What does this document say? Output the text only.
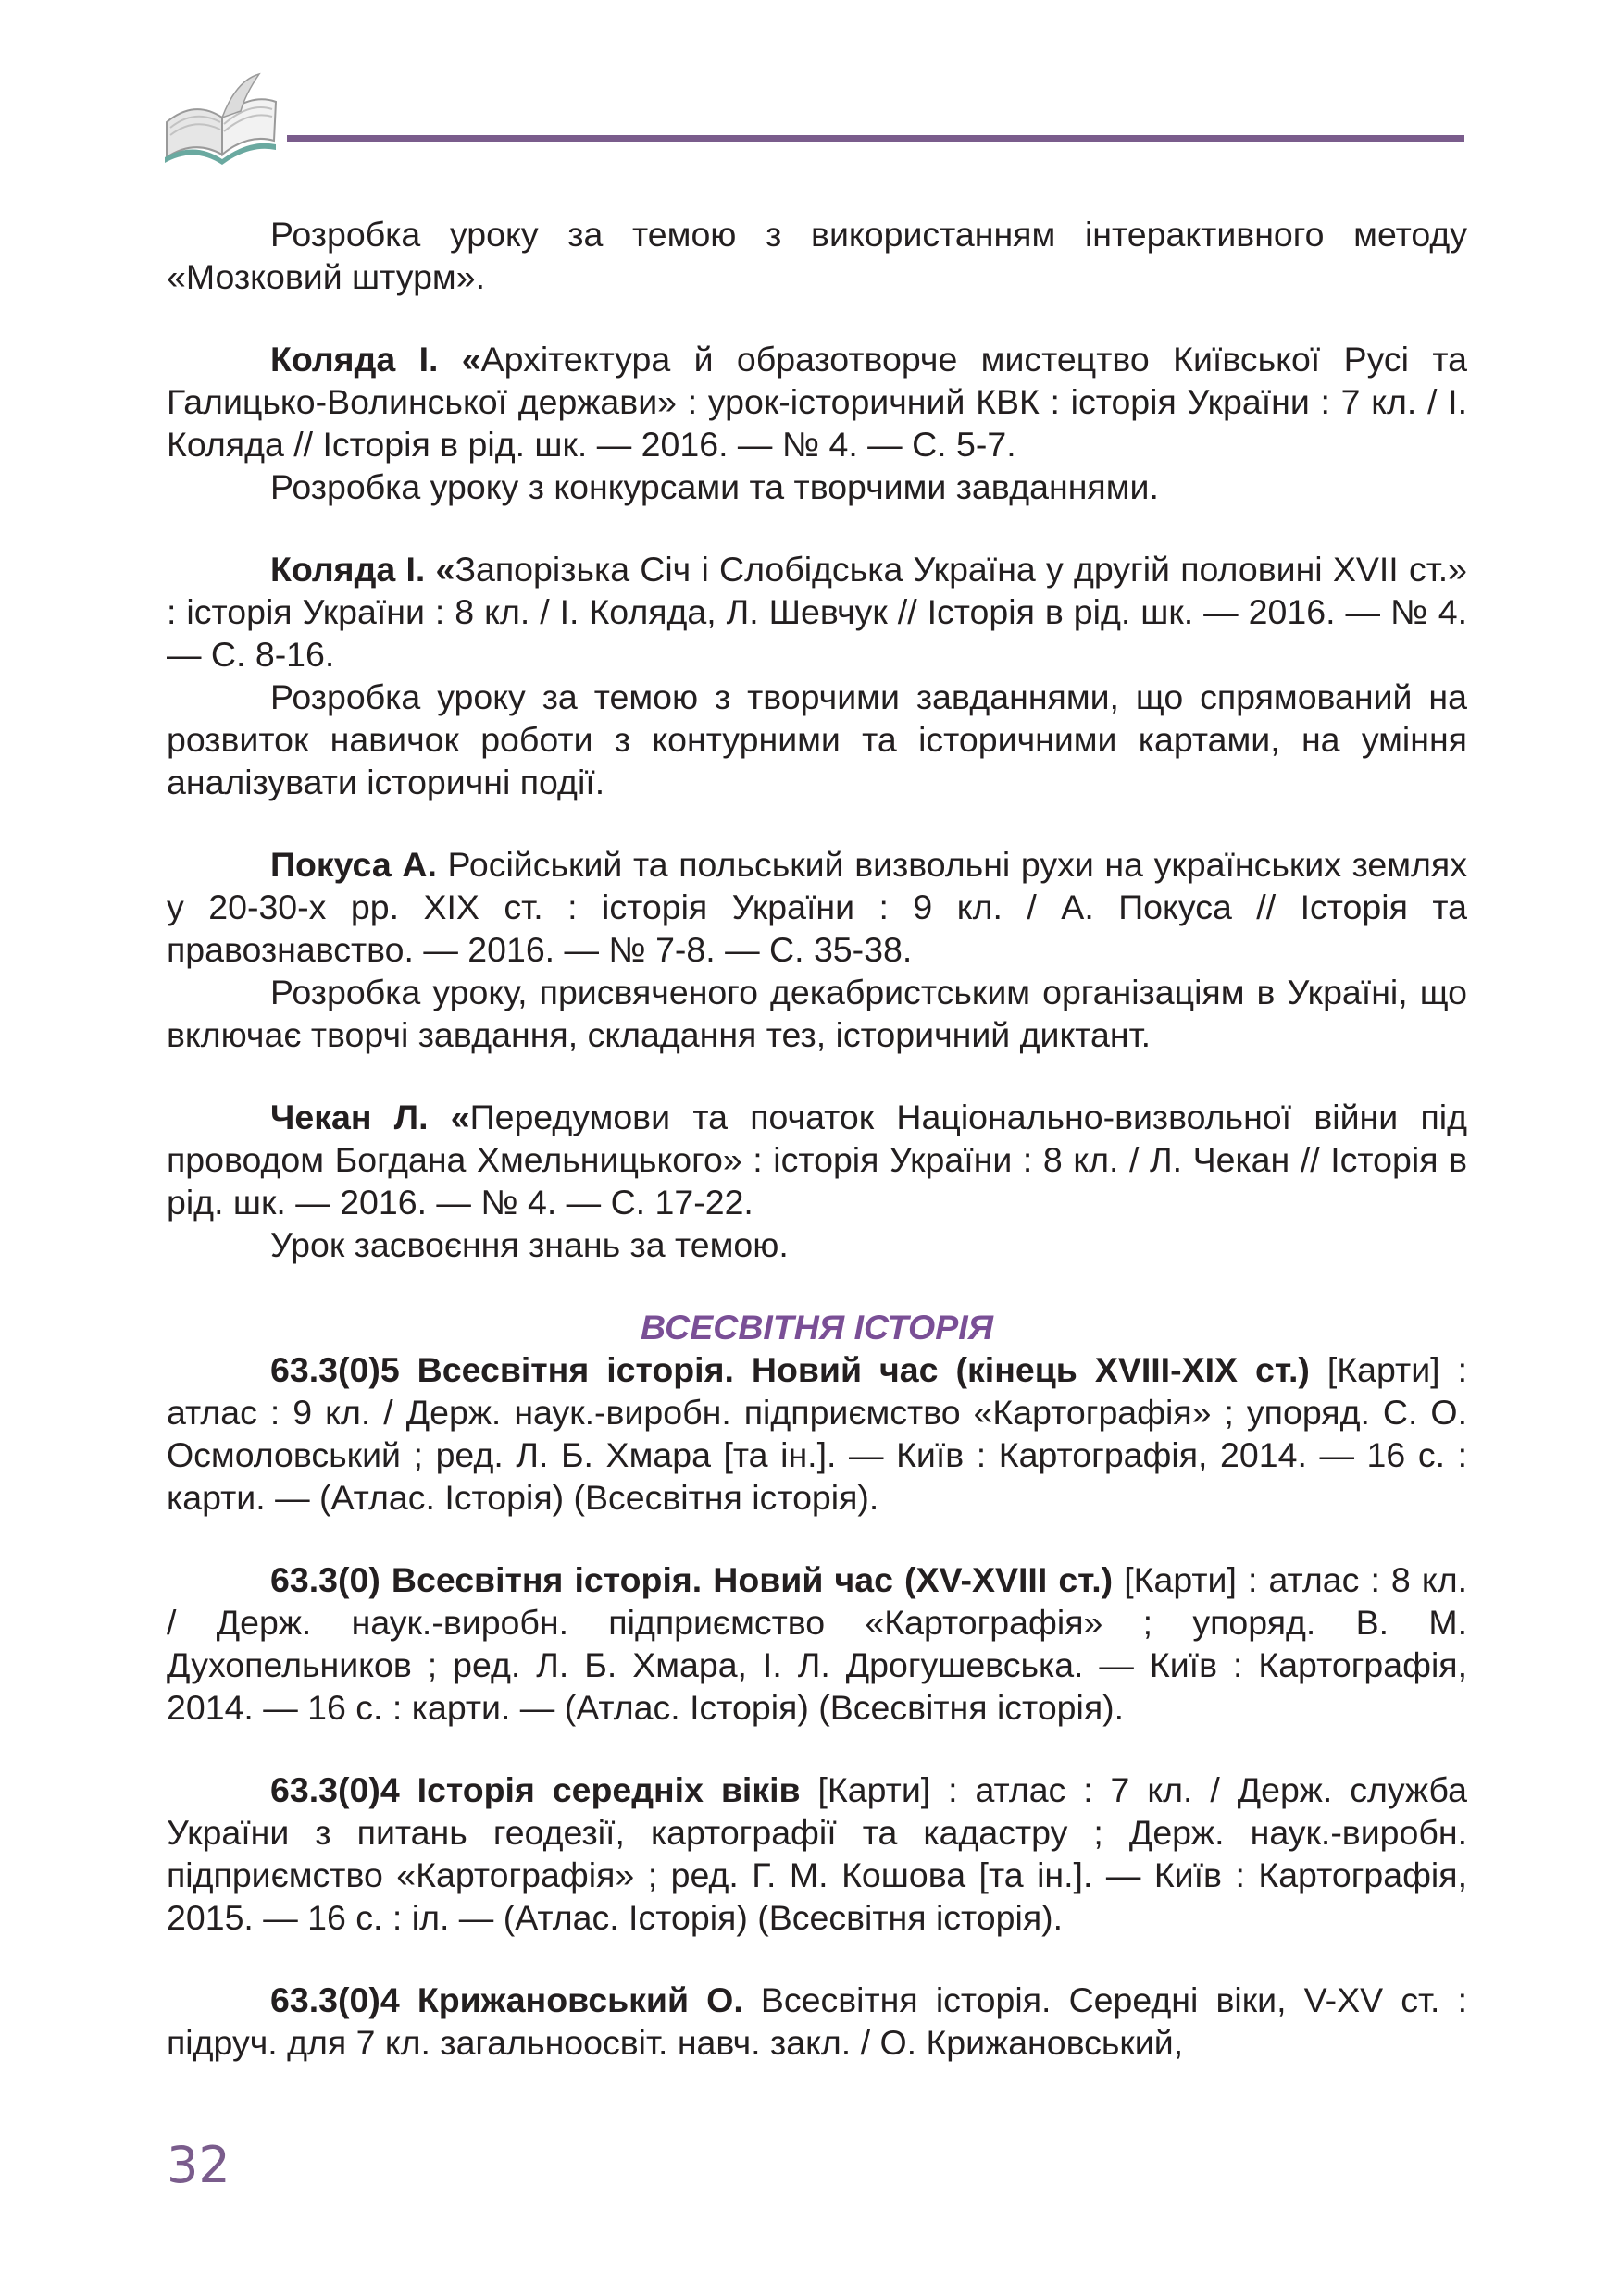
Розробка уроку за темою з використанням інтерактивного методу «Мозковий штурм».

Коляда І. «Архітектура й образотворче мистецтво Київської Русі та Галицько-Волинської держави» : урок-історичний КВК : історія України : 7 кл. / І. Коляда // Історія в рід. шк. — 2016. — № 4. — С. 5-7.

Розробка уроку з конкурсами та творчими завданнями.

Коляда І. «Запорізька Січ і Слобідська Україна у другій половині XVII ст.» : історія України : 8 кл. / І. Коляда, Л. Шевчук // Історія в рід. шк. — 2016. — № 4. — С. 8-16.

Розробка уроку за темою з творчими завданнями, що спрямований на розвиток навичок роботи з контурними та історичними картами, на уміння аналізувати історичні події.

Покуса А. Російський та польський визвольні рухи на українських землях у 20-30-х рр. XIX ст. : історія України : 9 кл. / А. Покуса // Історія та правознавство. — 2016. — № 7-8. — С. 35-38.

Розробка уроку, присвяченого декабристським організаціям в Україні, що включає творчі завдання, складання тез, історичний диктант.

Чекан Л. «Передумови та початок Національно-визвольної війни під проводом Богдана Хмельницького» : історія України : 8 кл. / Л. Чекан // Історія в рід. шк. — 2016. — № 4. — С. 17-22.

Урок засвоєння знань за темою.

ВСЕСВІТНЯ ІСТОРІЯ

63.3(0)5 Всесвітня історія. Новий час (кінець XVIII-XIX ст.) [Карти] : атлас : 9 кл. / Держ. наук.-виробн. підприємство «Картографія» ; упоряд. С. О. Осмоловський ; ред. Л. Б. Хмара [та ін.]. — Київ : Картографія, 2014. — 16 с. : карти. — (Атлас. Історія) (Всесвітня історія).

63.3(0) Всесвітня історія. Новий час (XV-XVIII ст.) [Карти] : атлас : 8 кл. / Держ. наук.-виробн. підприємство «Картографія» ; упоряд. В. М. Духопельников ; ред. Л. Б. Хмара, І. Л. Дрогушевська. — Київ : Картографія, 2014. — 16 с. : карти. — (Атлас. Історія) (Всесвітня історія).

63.3(0)4 Історія середніх віків [Карти] : атлас : 7 кл. / Держ. служба України з питань геодезії, картографії та кадастру ; Держ. наук.-виробн. підприємство «Картографія» ; ред. Г. М. Кошова [та ін.]. — Київ : Картографія, 2015. — 16 с. : іл. — (Атлас. Історія) (Всесвітня історія).

63.3(0)4 Крижановський О. Всесвітня історія. Середні віки, V-XV ст. : підруч. для 7 кл. загальноосвіт. навч. закл. / О. Крижановський,

32
